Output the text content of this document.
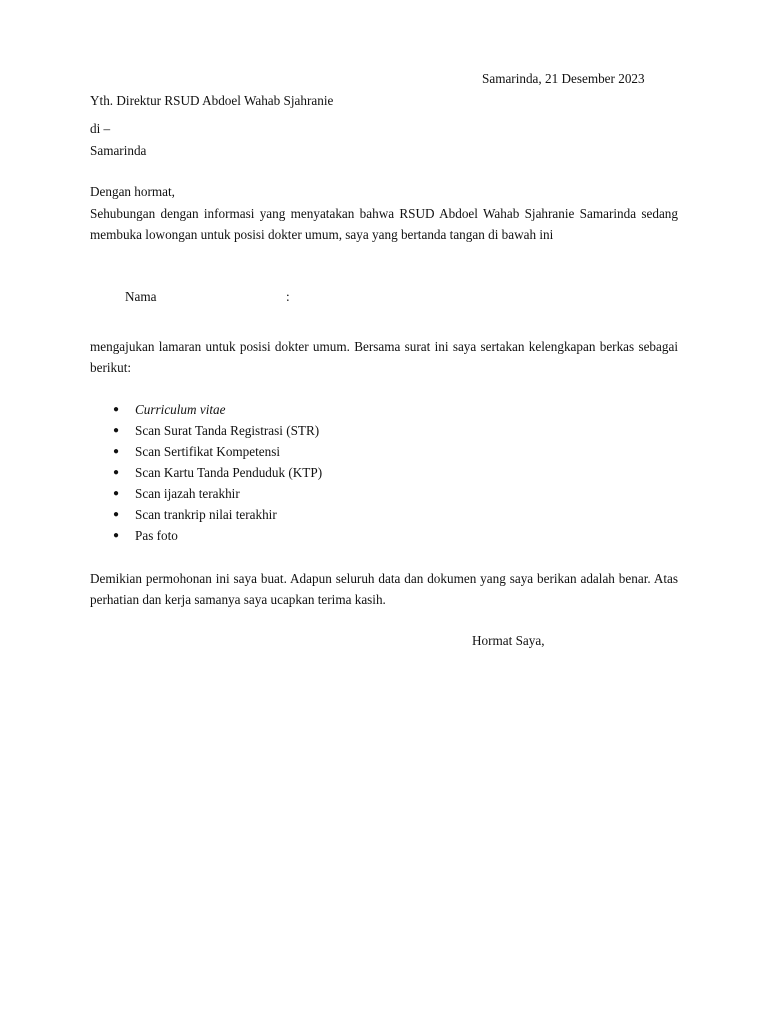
Samarinda, 21 Desember 2023
Yth. Direktur RSUD Abdoel Wahab Sjahranie
di –
Samarinda
Dengan hormat,
Sehubungan dengan informasi yang menyatakan bahwa RSUD Abdoel Wahab Sjahranie Samarinda sedang membuka lowongan untuk posisi dokter umum, saya yang bertanda tangan di bawah ini
Nama	:
mengajukan lamaran untuk posisi dokter umum. Bersama surat ini saya sertakan kelengkapan berkas sebagai berikut:
● Curriculum vitae
● Scan Surat Tanda Registrasi (STR)
● Scan Sertifikat Kompetensi
● Scan Kartu Tanda Penduduk (KTP)
● Scan ijazah terakhir
● Scan trankrip nilai terakhir
● Pas foto
Demikian permohonan ini saya buat. Adapun seluruh data dan dokumen yang saya berikan adalah benar. Atas perhatian dan kerja samanya saya ucapkan terima kasih.
Hormat Saya,
